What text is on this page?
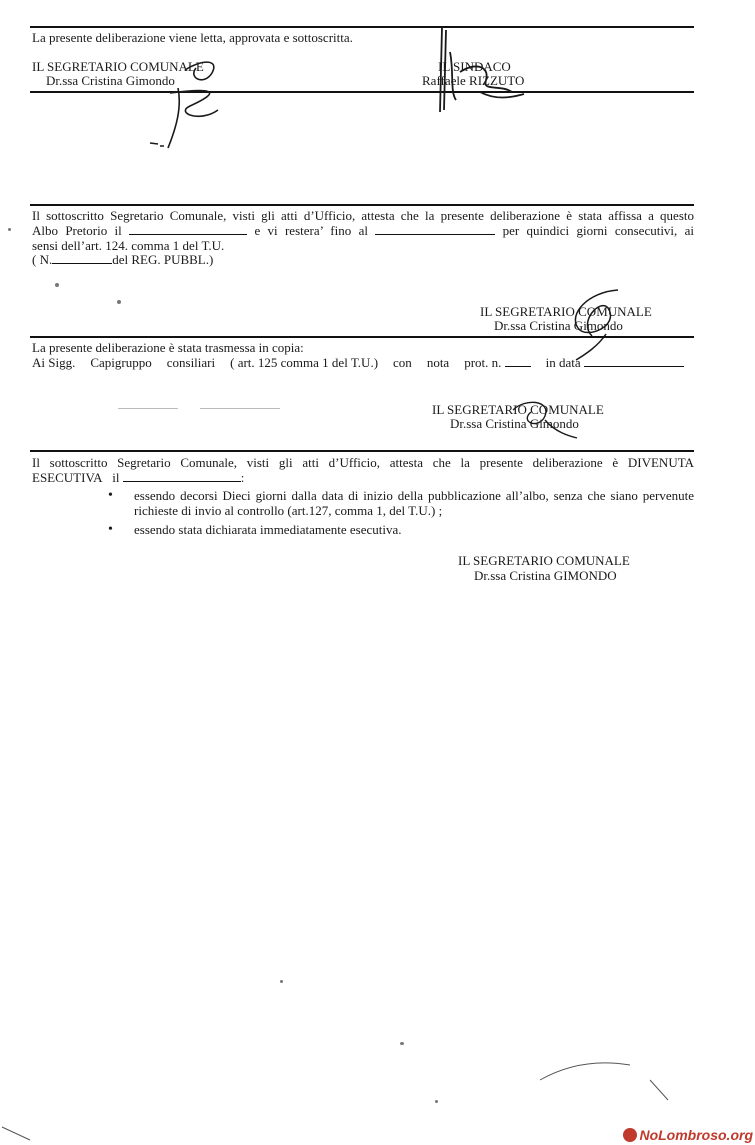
La presente deliberazione viene letta, approvata e sottoscritta.
IL SEGRETARIO COMUNALE
Dr.ssa Cristina Gimondo
IL SINDACO
Raffaele RIZZUTO
Il sottoscritto Segretario Comunale, visti gli atti d’Ufficio, attesta che la presente deliberazione è stata affissa a questo
Albo Pretorio il	e vi restera’ fino al	per quindici giorni consecutivi, ai
sensi dell’art. 124. comma 1 del T.U.
( N.	del REG. PUBBL.)
IL SEGRETARIO COMUNALE
Dr.ssa Cristina Gimondo
La presente deliberazione è stata trasmessa in copia:
Ai Sigg. Capigruppo consiliari ( art. 125 comma 1 del T.U.) con nota prot. n.	in data
IL SEGRETARIO COMUNALE
Dr.ssa Cristina Gimondo
Il sottoscritto Segretario Comunale, visti gli atti d’Ufficio, attesta che la presente deliberazione è DIVENUTA
ESECUTIVA il	:
• essendo decorsi Dieci giorni dalla data di inizio della pubblicazione all’albo, senza che siano pervenute richieste di invio al controllo (art.127, comma 1, del T.U.) ;
• essendo stata dichiarata immediatamente esecutiva.
IL SEGRETARIO COMUNALE
Dr.ssa Cristina GIMONDO
NoLombroso.org
